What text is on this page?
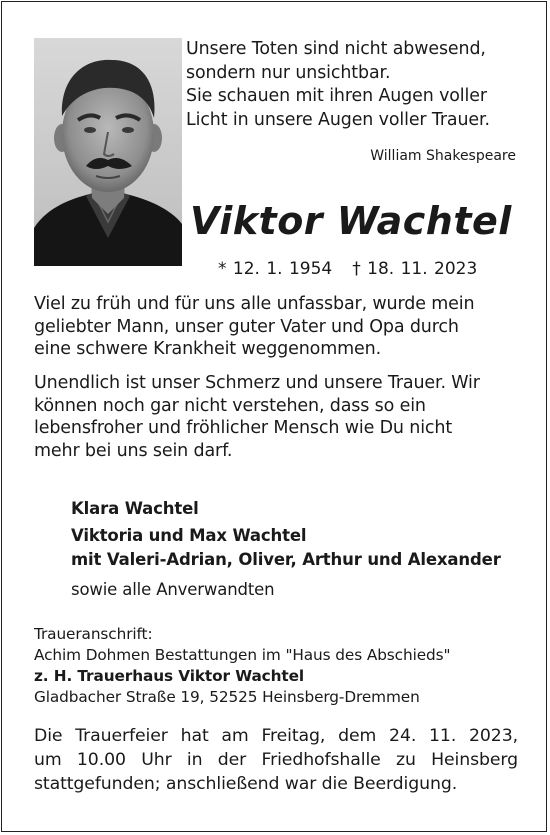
Unsere Toten sind nicht abwesend,
sondern nur unsichtbar.
Sie schauen mit ihren Augen voller
Licht in unsere Augen voller Trauer.
William Shakespeare
Viktor Wachtel
* 12. 1. 1954 † 18. 11. 2023
Viel zu früh und für uns alle unfassbar, wurde mein
geliebter Mann, unser guter Vater und Opa durch
eine schwere Krankheit weggenommen.
Unendlich ist unser Schmerz und unsere Trauer. Wir
können noch gar nicht verstehen, dass so ein
lebensfroher und fröhlicher Mensch wie Du nicht
mehr bei uns sein darf.
Klara Wachtel
Viktoria und Max Wachtel
mit Valeri-Adrian, Oliver, Arthur und Alexander
sowie alle Anverwandten
Traueranschrift:
Achim Dohmen Bestattungen im "Haus des Abschieds"
z. H. Trauerhaus Viktor Wachtel
Gladbacher Straße 19, 52525 Heinsberg-Dremmen
Die Trauerfeier hat am Freitag, dem 24. 11. 2023,
um 10.00 Uhr in der Friedhofshalle zu Heinsberg
stattgefunden; anschließend war die Beerdigung.
